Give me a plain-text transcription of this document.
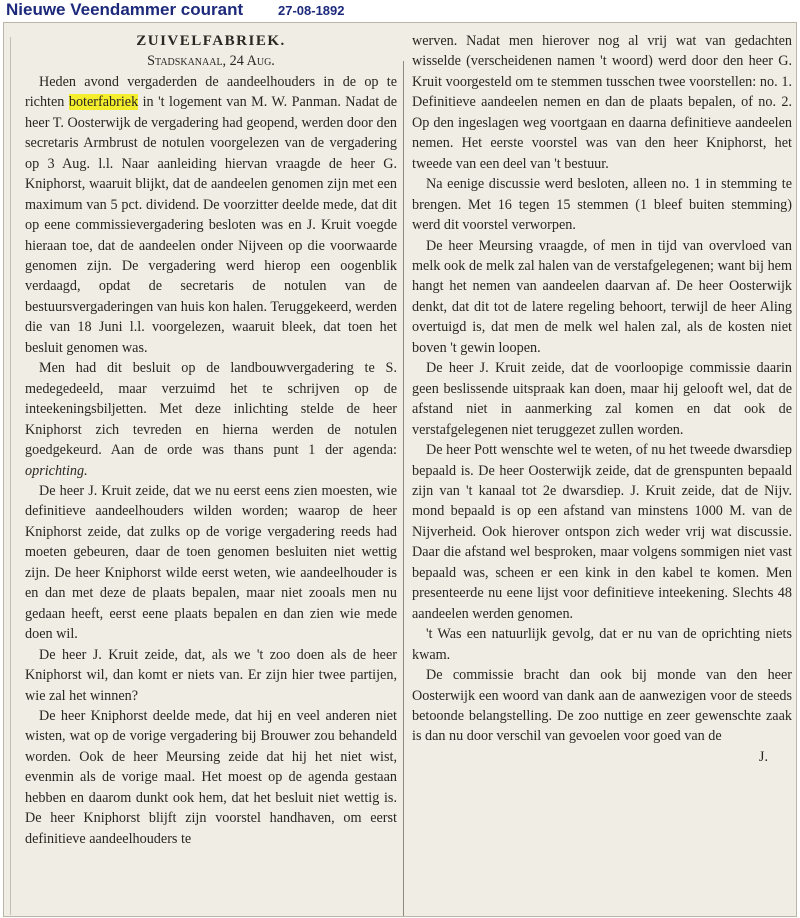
Nieuwe Veendammer courant	27-08-1892

ZUIVELFABRIEK.

Stadskanaal, 24 Aug.

Heden avond vergaderden de aandeelhouders in de op te richten boterfabriek in 't logement van M. W. Panman. Nadat de heer T. Oosterwijk de vergadering had geopend, werden door den secretaris Armbrust de notulen voorgelezen van de vergadering op 3 Aug. l.l. Naar aanleiding hiervan vraagde de heer G. Kniphorst, waaruit blijkt, dat de aandeelen genomen zijn met een maximum van 5 pct. dividend. De voorzitter deelde mede, dat dit op eene commissievergadering besloten was en J. Kruit voegde hieraan toe, dat de aandeelen onder Nijveen op die voorwaarde genomen zijn. De vergadering werd hierop een oogenblik verdaagd, opdat de secretaris de notulen van de bestuursvergaderingen van huis kon halen. Teruggekeerd, werden die van 18 Juni l.l. voorgelezen, waaruit bleek, dat toen het besluit genomen was.

Men had dit besluit op de landbouwvergadering te S. medegedeeld, maar verzuimd het te schrijven op de inteekeningsbiljetten. Met deze inlichting stelde de heer Kniphorst zich tevreden en hierna werden de notulen goedgekeurd. Aan de orde was thans punt 1 der agenda: oprichting.

De heer J. Kruit zeide, dat we nu eerst eens zien moesten, wie definitieve aandeelhouders wilden worden; waarop de heer Kniphorst zeide, dat zulks op de vorige vergadering reeds had moeten gebeuren, daar de toen genomen besluiten niet wettig zijn. De heer Kniphorst wilde eerst weten, wie aandeelhouder is en dan met deze de plaats bepalen, maar niet zooals men nu gedaan heeft, eerst eene plaats bepalen en dan zien wie mede doen wil.

De heer J. Kruit zeide, dat, als we 't zoo doen als de heer Kniphorst wil, dan komt er niets van. Er zijn hier twee partijen, wie zal het winnen?

De heer Kniphorst deelde mede, dat hij en veel anderen niet wisten, wat op de vorige vergadering bij Brouwer zou behandeld worden. Ook de heer Meursing zeide dat hij het niet wist, evenmin als de vorige maal. Het moest op de agenda gestaan hebben en daarom dunkt ook hem, dat het besluit niet wettig is. De heer Kniphorst blijft zijn voorstel handhaven, om eerst definitieve aandeelhouders te

werven. Nadat men hierover nog al vrij wat van gedachten wisselde (verscheidenen namen 't woord) werd door den heer G. Kruit voorgesteld om te stemmen tusschen twee voorstellen: no. 1. Definitieve aandeelen nemen en dan de plaats bepalen, of no. 2. Op den ingeslagen weg voortgaan en daarna definitieve aandeelen nemen. Het eerste voorstel was van den heer Kniphorst, het tweede van een deel van 't bestuur.

Na eenige discussie werd besloten, alleen no. 1 in stemming te brengen. Met 16 tegen 15 stemmen (1 bleef buiten stemming) werd dit voorstel verworpen.

De heer Meursing vraagde, of men in tijd van overvloed van melk ook de melk zal halen van de verstafgelegenen; want bij hem hangt het nemen van aandeelen daarvan af. De heer Oosterwijk denkt, dat dit tot de latere regeling behoort, terwijl de heer Aling overtuigd is, dat men de melk wel halen zal, als de kosten niet boven 't gewin loopen.

De heer J. Kruit zeide, dat de voorloopige commissie daarin geen beslissende uitspraak kan doen, maar hij gelooft wel, dat de afstand niet in aanmerking zal komen en dat ook de verstafgelegenen niet teruggezet zullen worden.

De heer Pott wenschte wel te weten, of nu het tweede dwarsdiep bepaald is. De heer Oosterwijk zeide, dat de grenspunten bepaald zijn van 't kanaal tot 2e dwarsdiep. J. Kruit zeide, dat de Nijv. mond bepaald is op een afstand van minstens 1000 M. van de Nijverheid. Ook hierover ontspon zich weder vrij wat discussie. Daar die afstand wel besproken, maar volgens sommigen niet vast bepaald was, scheen er een kink in den kabel te komen. Men presenteerde nu eene lijst voor definitieve inteekening. Slechts 48 aandeelen werden genomen.

't Was een natuurlijk gevolg, dat er nu van de oprichting niets kwam.

De commissie bracht dan ook bij monde van den heer Oosterwijk een woord van dank aan de aanwezigen voor de steeds betoonde belangstelling. De zoo nuttige en zeer gewenschte zaak is dan nu door verschil van gevoelen voor goed van de

J.
